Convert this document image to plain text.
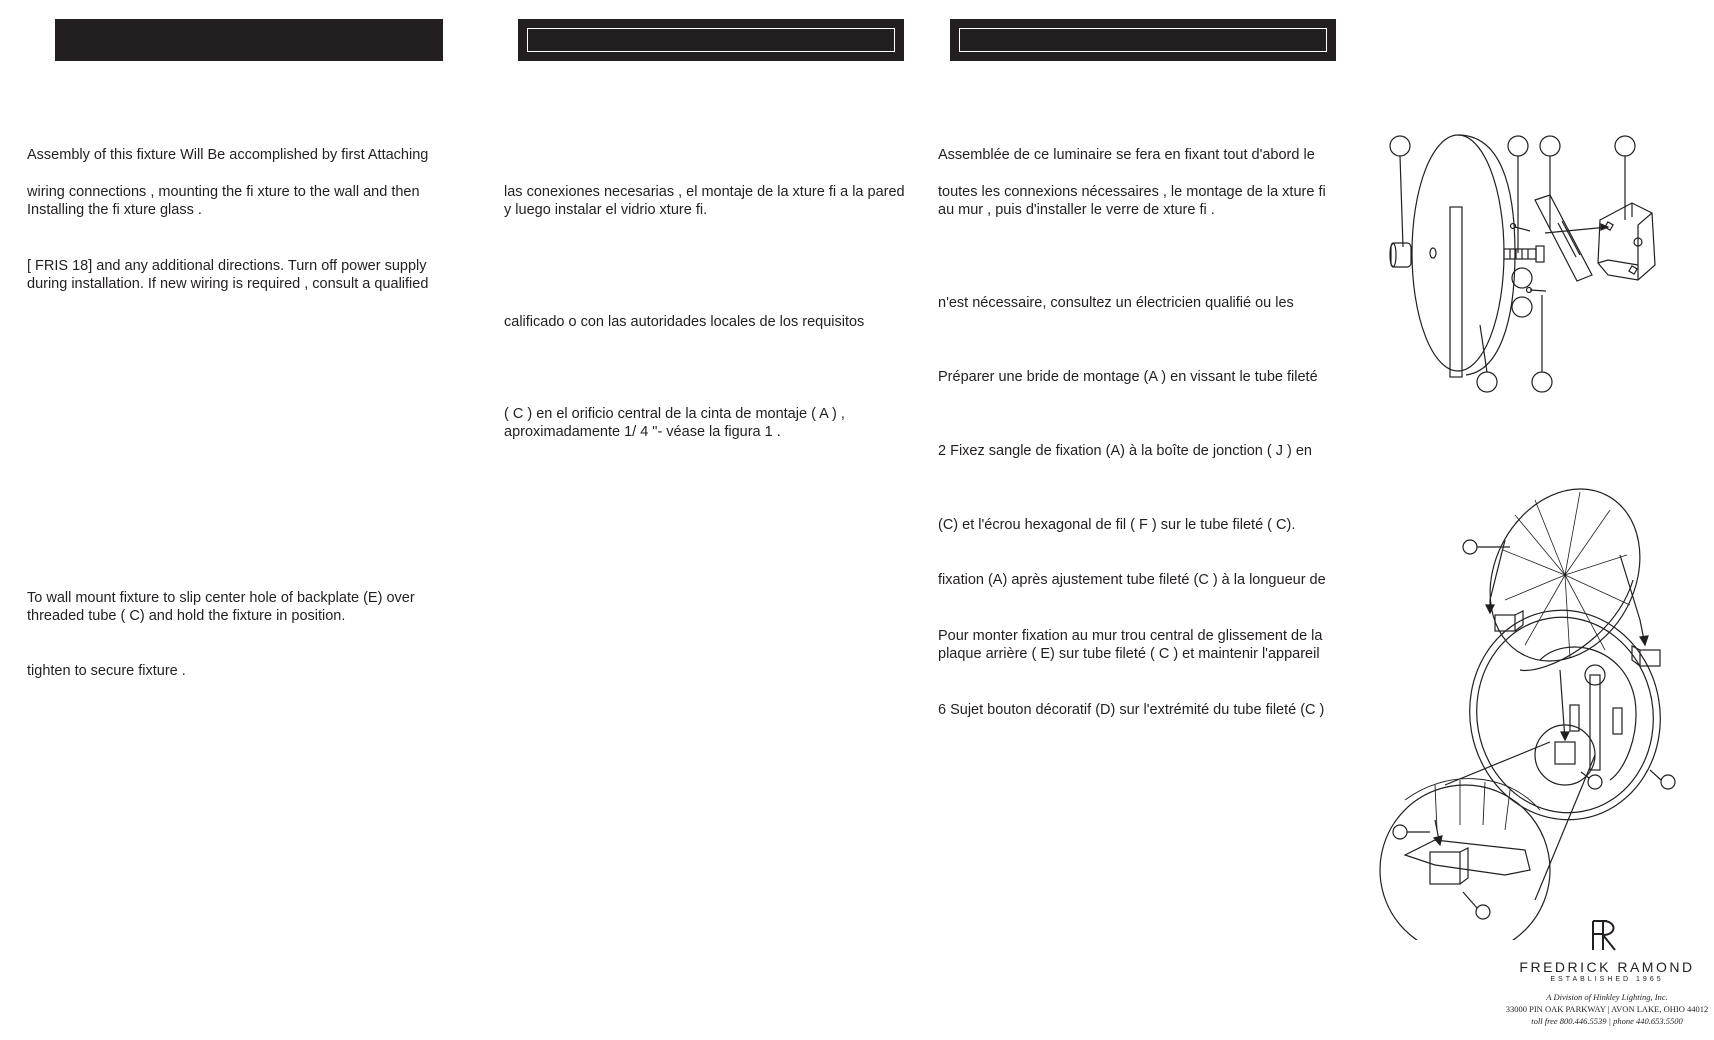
Assembly of this fixture Will Be accomplished by first Attaching

wiring connections , mounting the fi xture to the wall and then

Installing the fi xture glass .

[ FRIS 18] and any additional directions. Turn off power supply

during installation. If new wiring is required , consult a qualified

To wall mount fixture to slip center hole of backplate (E) over

threaded tube ( C) and hold the fixture in position.

tighten to secure fixture .

las conexiones necesarias , el montaje de la xture fi a la pared

y luego instalar el vidrio xture fi.

calificado o con las autoridades locales de los requisitos

( C ) en el orificio central de la cinta de montaje ( A ) ,

aproximadamente 1/ 4 "- véase la figura 1 .

Assemblée de ce luminaire se fera en fixant tout d'abord le

toutes les connexions nécessaires , le montage de la xture fi

au mur , puis d'installer le verre de xture fi .

n'est nécessaire, consultez un électricien qualifié ou les

Préparer une bride de montage (A ) en vissant le tube fileté

2 Fixez sangle de fixation (A) à la boîte de jonction ( J ) en

(C) et l'écrou hexagonal de fil ( F ) sur le tube fileté ( C).

fixation (A) après ajustement tube fileté (C ) à la longueur de

Pour monter fixation au mur trou central de glissement de la

plaque arrière ( E) sur tube fileté ( C ) et maintenir l'appareil

6 Sujet bouton décoratif (D) sur l'extrémité du tube fileté (C )

FREDRICK RAMOND
ESTABLISHED 1965
A Division of Hinkley Lighting, Inc.
33000 PIN OAK PARKWAY | AVON LAKE, OHIO 44012
toll free 800.446.5539 | phone 440.653.5500
